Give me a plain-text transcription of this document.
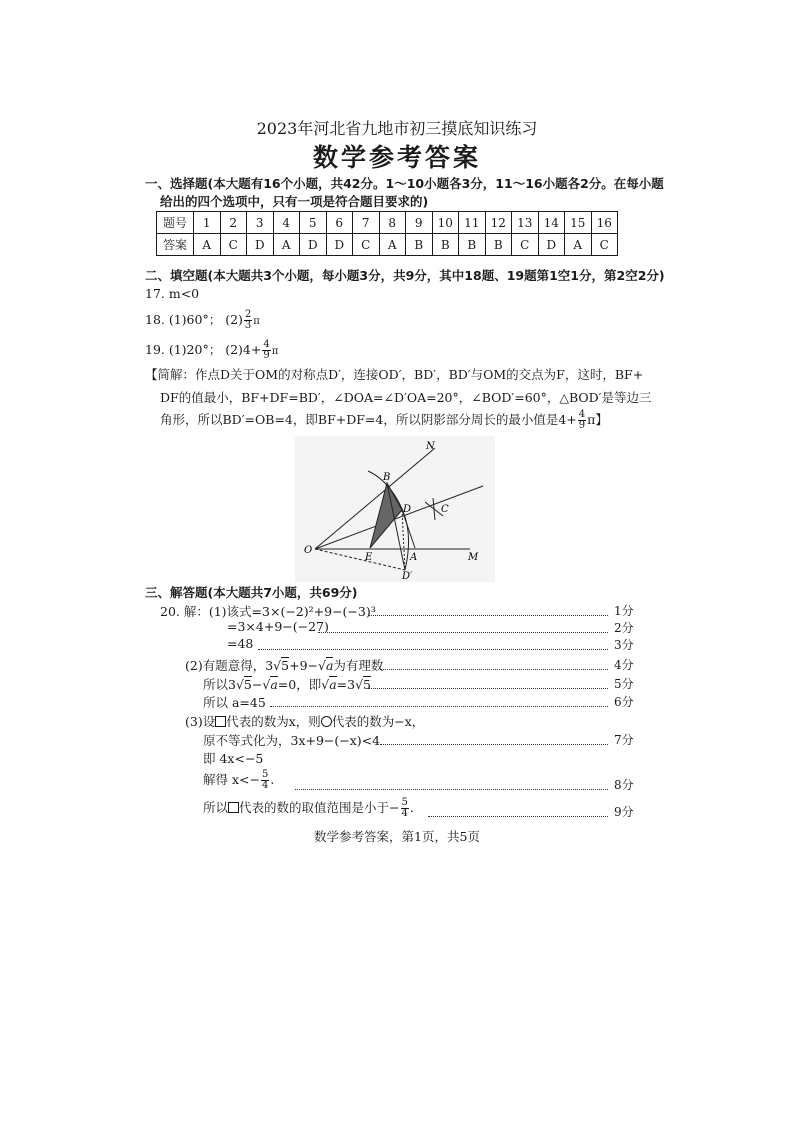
2023年河北省九地市初三摸底知识练习
数学参考答案
一、选择题(本大题有16个小题，共42分。1～10小题各3分，11～16小题各2分。在每小题
给出的四个选项中，只有一项是符合题目要求的)
题号	1	2	3	4	5	6	7	8	9	10	11	12	13	14	15	16
答案	A	C	D	A	D	D	C	A	B	B	B	B	C	D	A	C
二、填空题(本大题共3个小题，每小题3分，共9分，其中18题、19题第1空1分，第2空2分)
17. m<0
18. (1)60°； $(2) \frac{2}{3}$ π
19. (1)20°； $(2)4+ \frac{4}{9}$ π
【简解：作点D关于OM的对称点D′，连接OD′，BD′，BD′与OM的交点为F，这时，BF+
DF的值最小，BF+DF=BD′，∠DOA=∠D′OA=20°，∠BOD′=60°，△BOD′是等边三
角形，所以BD′=OB=4，即BF+DF=4，所以阴影部分周长的最小值是$4+ \frac{4}{9}$ π】
N
B
D	C
O
E	A	M
D′
三、解答题(本大题共7小题，共69分)
20. 解：(1)该式=3×(−2)²+9−(−3)³	1分
=3×4+9−(−27)	2分
=48	3分
(2)有题意得，3√5+9−√a为有理数	4分
所以3√5−√a=0，即√a=3√5	5分
所以 a=45	6分
(3)设 代表的数为x，则 代表的数为−x，
原不等式化为，3x+9−(−x)<4	7分
即 4x<−5
解得 $x<- \frac{5}{4}$ .	8分
所以 代表的数的取值范围是小于− $\frac{5}{4}$ .	9分
数学参考答案，第1页，共5页
